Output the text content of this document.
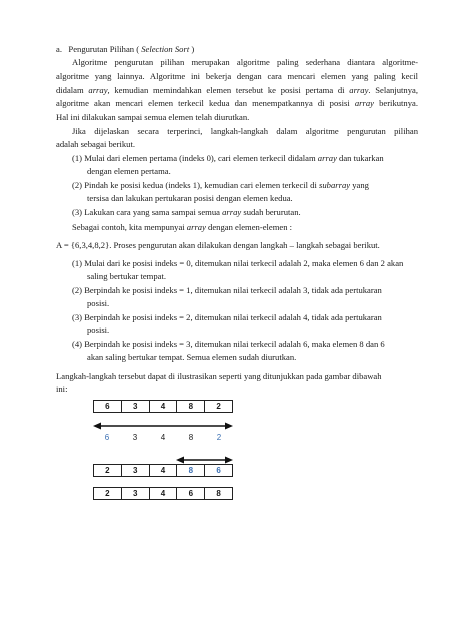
a. Pengurutan Pilihan ( Selection Sort )
Algoritme pengurutan pilihan merupakan algoritme paling sederhana diantara algoritme-
algoritme yang lainnya. Algoritme ini bekerja dengan cara mencari elemen yang paling kecil
didalam array, kemudian memindahkan elemen tersebut ke posisi pertama di array. Selanjutnya,
algoritme akan mencari elemen terkecil kedua dan menempatkannya di posisi array berikutnya.
Hal ini dilakukan sampai semua elemen telah diurutkan.
Jika dijelaskan secara terperinci, langkah-langkah dalam algoritme pengurutan pilihan
adalah sebagai berikut.
(1) Mulai dari elemen pertama (indeks 0), cari elemen terkecil didalam array dan tukarkan
dengan elemen pertama.
(2) Pindah ke posisi kedua (indeks 1), kemudian cari elemen terkecil di subarray yang
tersisa dan lakukan pertukaran posisi dengan elemen kedua.
(3) Lakukan cara yang sama sampai semua array sudah berurutan.
Sebagai contoh, kita mempunyai array dengan elemen-elemen :
A = {6,3,4,8,2}. Proses pengurutan akan dilakukan dengan langkah – langkah sebagai berikut.
(1) Mulai dari ke posisi indeks = 0, ditemukan nilai terkecil adalah 2, maka elemen 6 dan 2 akan
saling bertukar tempat.
(2) Berpindah ke posisi indeks = 1, ditemukan nilai terkecil adalah 3, tidak ada pertukaran
posisi.
(3) Berpindah ke posisi indeks = 2, ditemukan nilai terkecil adalah 4, tidak ada pertukaran
posisi.
(4) Berpindah ke posisi indeks = 3, ditemukan nilai terkecil adalah 6, maka elemen 8 dan 6
akan saling bertukar tempat. Semua elemen sudah diurutkan.
Langkah-langkah tersebut dapat di ilustrasikan seperti yang ditunjukkan pada gambar dibawah
ini:
6	3	4	8	2
6	3	4	8	2
2	3	4	8	6
2	3	4	6	8
